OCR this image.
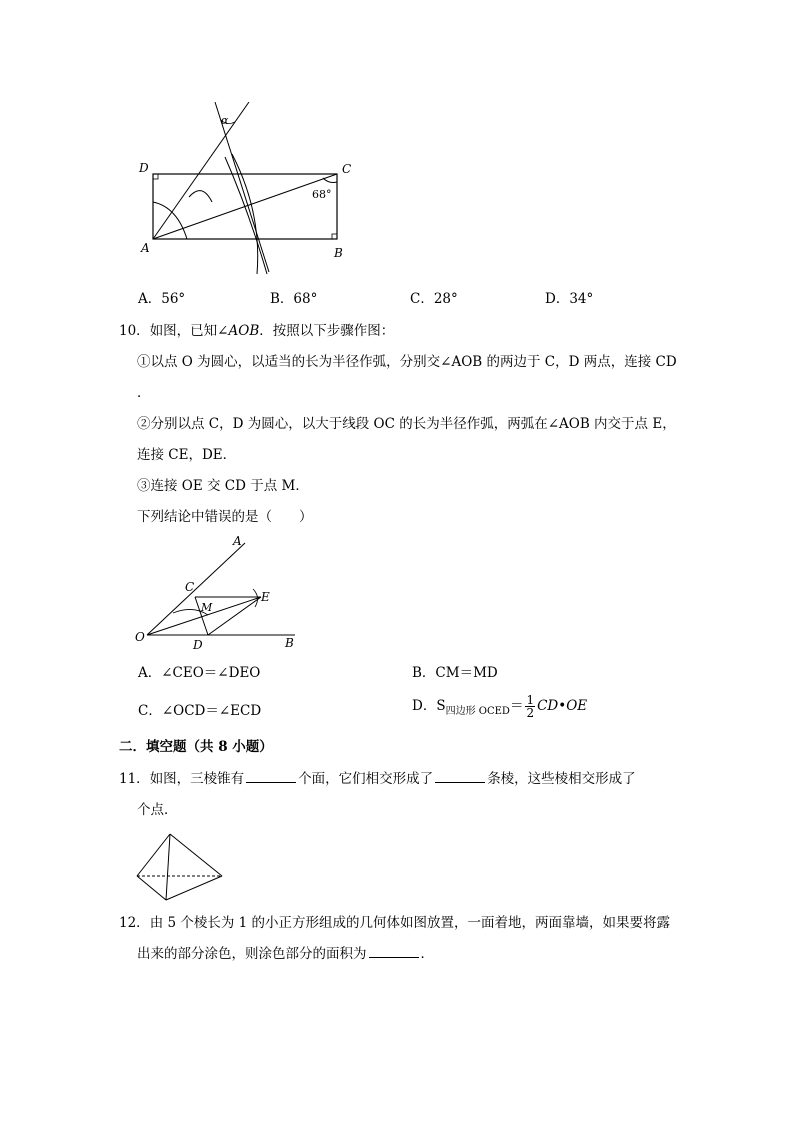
D	C
A	B
α
68°
A．56°	B．68°	C．28°	D．34°
10．如图，已知∠AOB．按照以下步骤作图：
①以点 O 为圆心，以适当的长为半径作弧，分别交∠AOB 的两边于 C，D 两点，连接 CD
．
②分别以点 C，D 为圆心，以大于线段 OC 的长为半径作弧，两弧在∠AOB 内交于点 E，
连接 CE，DE．
③连接 OE 交 CD 于点 M．
下列结论中错误的是（　　）
A
B
C
D
E
M
O
A．∠CEO＝∠DEO	B．CM＝MD
C．∠OCD＝∠ECD	D．$S_{四边形 OCED}= \frac{1}{2}$ CD•OE
二．填空题（共 8 小题）
11．如图，三棱锥有	个面，它们相交形成了	条棱，这些棱相交形成了
个点．
12．由 5 个棱长为 1 的小正方形组成的几何体如图放置，一面着地，两面靠墙，如果要将露
出来的部分涂色，则涂色部分的面积为	．
